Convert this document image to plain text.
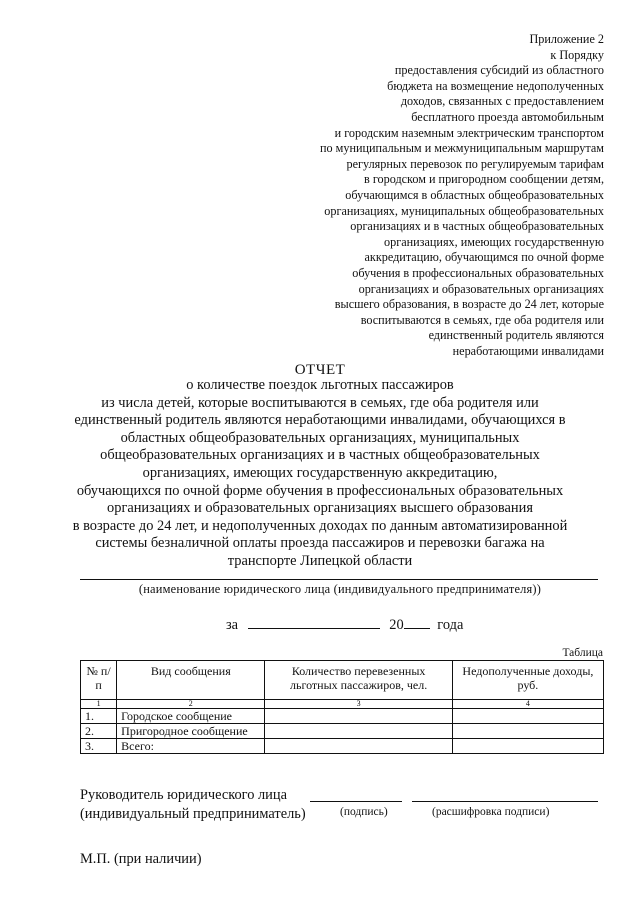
Приложение 2
к Порядку
предоставления субсидий из областного
бюджета на возмещение недополученных
доходов, связанных с предоставлением
бесплатного проезда автомобильным
и городским наземным электрическим транспортом
по муниципальным и межмуниципальным маршрутам
регулярных перевозок по регулируемым тарифам
в городском и пригородном сообщении детям,
обучающимся в областных общеобразовательных
организациях, муниципальных общеобразовательных
организациях и в частных общеобразовательных
организациях, имеющих государственную
аккредитацию, обучающимся по очной форме
обучения в профессиональных образовательных
организациях и образовательных организациях
высшего образования, в возрасте до 24 лет, которые
воспитываются в семьях, где оба родителя или
единственный родитель являются
неработающими инвалидами
ОТЧЕТ
о количестве поездок льготных пассажиров
из числа детей, которые воспитываются в семьях, где оба родителя или
единственный родитель являются неработающими инвалидами, обучающихся в
областных общеобразовательных организациях, муниципальных
общеобразовательных организациях и в частных общеобразовательных
организациях, имеющих государственную аккредитацию,
обучающихся по очной форме обучения в профессиональных образовательных
организациях и образовательных организациях высшего образования
в возрасте до 24 лет, и недополученных доходах по данным автоматизированной
системы безналичной оплаты проезда пассажиров и перевозки багажа на
транспорте Липецкой области
(наименование юридического лица (индивидуального предпринимателя))
за	20 года
Таблица
№ п/п	Вид сообщения	Количество перевезенных льготных пассажиров, чел.	Недополученные доходы, руб.
1	2	3	4
1.	Городское сообщение		
2.	Пригородное сообщение		
3.	Всего:		
Руководитель юридического лица
(индивидуальный предприниматель)	(подпись)	(расшифровка подписи)
М.П. (при наличии)
